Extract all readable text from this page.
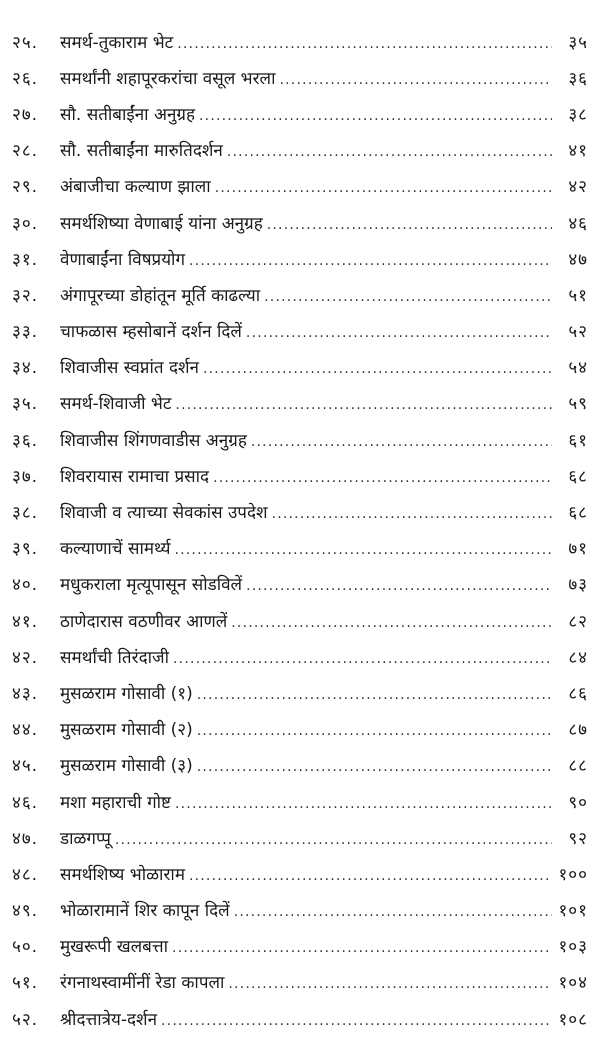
२५.	समर्थ-तुकाराम भेट .....	३५
२६.	समर्थांनी शहापूरकरांचा वसूल भरला .....	३६
२७.	सौ. सतीबाईंना अनुग्रह .....	३८
२८.	सौ. सतीबाईंना मारुतिदर्शन .....	४१
२९.	अंबाजीचा कल्याण झाला .....	४२
३०.	समर्थशिष्या वेणाबाई यांना अनुग्रह .....	४६
३१.	वेणाबाईंना विषप्रयोग .....	४७
३२.	अंगापूरच्या डोहांतून मूर्ति काढल्या .....	५१
३३.	चाफळास म्हसोबानें दर्शन दिलें .....	५२
३४.	शिवाजीस स्वप्नांत दर्शन .....	५४
३५.	समर्थ-शिवाजी भेट .....	५९
३६.	शिवाजीस शिंगणवाडीस अनुग्रह .....	६१
३७.	शिवरायास रामाचा प्रसाद .....	६८
३८.	शिवाजी व त्याच्या सेवकांस उपदेश .....	६८
३९.	कल्याणाचें सामर्थ्य .....	७१
४०.	मधुकराला मृत्यूपासून सोडविलें .....	७३
४१.	ठाणेदारास वठणीवर आणलें .....	८२
४२.	समर्थांची तिरंदाजी .....	८४
४३.	मुसळराम गोसावी (१) .....	८६
४४.	मुसळराम गोसावी (२) .....	८७
४५.	मुसळराम गोसावी (३) .....	८८
४६.	मशा महाराची गोष्ट .....	९०
४७.	डाळगप्पू .....	९२
४८.	समर्थशिष्य भोळाराम .....	१००
४९.	भोळारामानें शिर कापून दिलें .....	१०१
५०.	मुखरूपी खलबत्ता .....	१०३
५१.	रंगनाथस्वामींनीं रेडा कापला .....	१०४
५२.	श्रीदत्तात्रेय-दर्शन .....	१०८
